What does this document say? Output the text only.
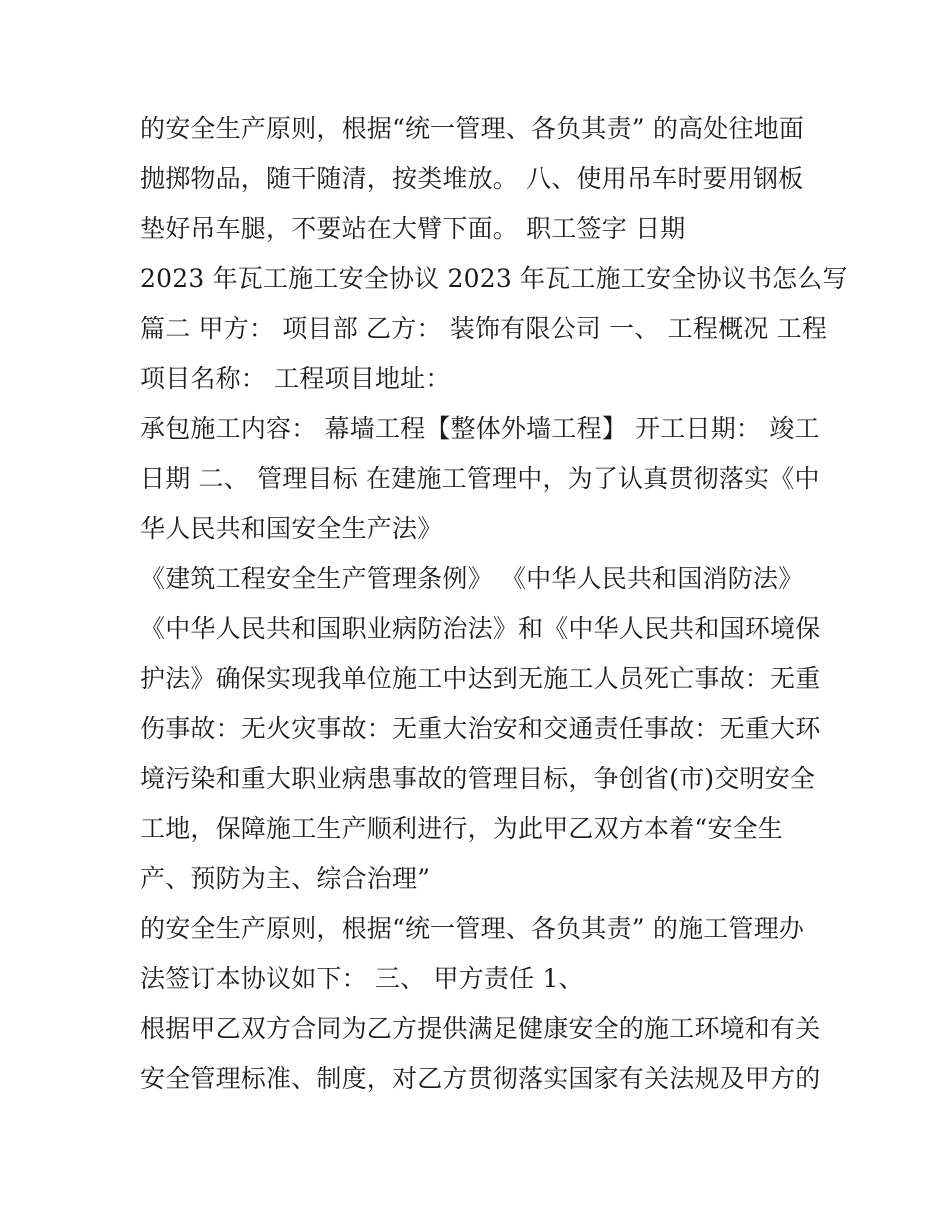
的安全生产原则，根据“统一管理、各负其责” 的高处往地面
抛掷物品，随干随清，按类堆放。 八、使用吊车时要用钢板
垫好吊车腿，不要站在大臂下面。 职工签字 日期
2023 年瓦工施工安全协议 2023 年瓦工施工安全协议书怎么写
篇二 甲方： 项目部 乙方： 装饰有限公司 一、 工程概况 工程
项目名称： 工程项目地址：
承包施工内容： 幕墙工程【整体外墙工程】 开工日期： 竣工
日期 二、 管理目标 在建施工管理中，为了认真贯彻落实《中
华人民共和国安全生产法》
《建筑工程安全生产管理条例》 《中华人民共和国消防法》
《中华人民共和国职业病防治法》和《中华人民共和国环境保
护法》确保实现我单位施工中达到无施工人员死亡事故：无重
伤事故：无火灾事故：无重大治安和交通责任事故：无重大环
境污染和重大职业病患事故的管理目标，争创省(市)交明安全
工地，保障施工生产顺利进行，为此甲乙双方本着“安全生
产、预防为主、综合治理”
的安全生产原则，根据“统一管理、各负其责” 的施工管理办
法签订本协议如下： 三、 甲方责任 1、
根据甲乙双方合同为乙方提供满足健康安全的施工环境和有关
安全管理标准、制度，对乙方贯彻落实国家有关法规及甲方的
